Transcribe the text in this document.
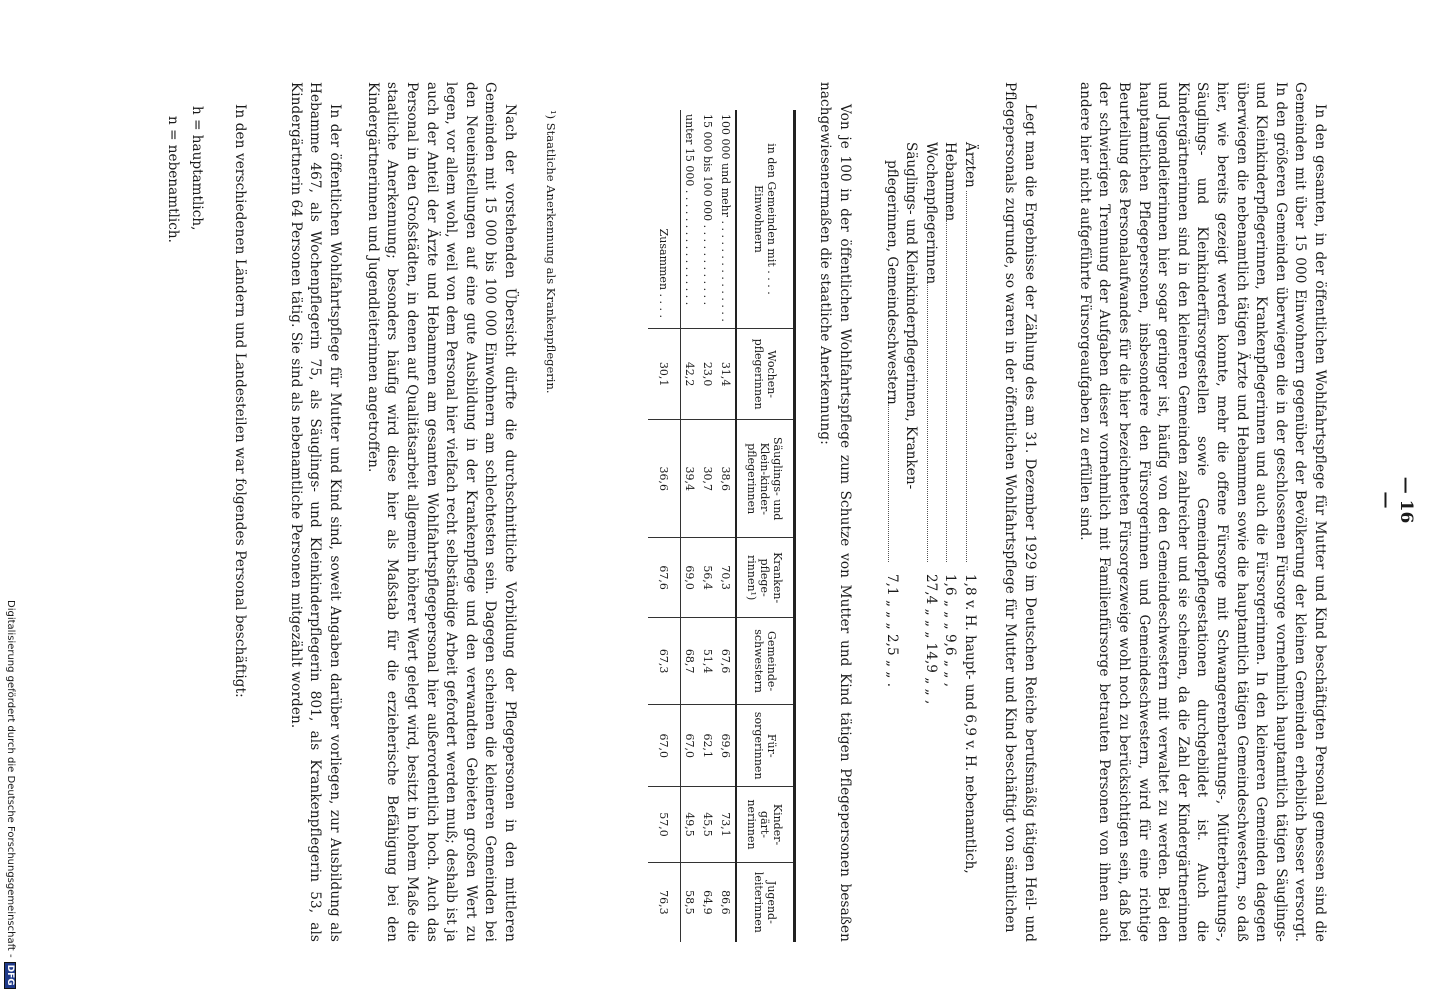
— 16 —

In den gesamten, in der öffentlichen Wohlfahrtspflege für Mutter und Kind beschäftigten Personal gemessen sind die Gemeinden mit über 15 000 Einwohnern gegenüber der Bevölkerung der kleinen Gemeinden erheblich besser versorgt. In den größeren Gemeinden überwiegen die in der geschlossenen Fürsorge vornehmlich hauptamtlich tätigen Säuglings- und Kleinkinderpflegerinnen, Krankenpflegerinnen und auch die Fürsorgerinnen. In den kleineren Gemeinden dagegen überwiegen die nebenamtlich tätigen Ärzte und Hebammen sowie die hauptamtlich tätigen Gemeindeschwestern, so daß hier, wie bereits gezeigt werden konnte, mehr die offene Fürsorge mit Schwangerenberatungs-, Mütterberatungs-, Säuglings- und Kleinkinderfürsorgestellen sowie Gemeindepflegestationen durchgebildet ist. Auch die Kindergärtnerinnen sind in den kleineren Gemeinden zahlreicher und sie scheinen, da die Zahl der Kindergärtnerinnen und Jugendleiterinnen hier sogar geringer ist, häufig von den Gemeindeschwestern mit verwaltet zu werden. Bei den hauptamtlichen Pflegepersonen, insbesondere den Fürsorgerinnen und Gemeindeschwestern, wird für eine richtige Beurteilung des Personalaufwandes für die hier bezeichneten Fürsorgezweige wohl noch zu berücksichtigen sein, daß bei der schwierigen Trennung der Aufgaben dieser vornehmlich mit Familienfürsorge betrauten Personen von ihnen auch andere hier nicht aufgeführte Fürsorgeaufgaben zu erfüllen sind.

Legt man die Ergebnisse der Zählung des am 31. Dezember 1929 im Deutschen Reiche berufsmäßig tätigen Heil- und Pflegepersonals zugrunde, so waren in der öffentlichen Wohlfahrtspflege für Mutter und Kind beschäftigt von sämtlichen

Ärzten
1,8 v. H. haupt- und 6,9 v. H. nebenamtlich,
Hebammen
1,6 „ „ „ 9,6 „ „ ,
Wochenpflegerinnen
27,4 „ „ „ 14,9 „ „ ,
Säuglings- und Kleinkinderpflegerinnen, Kranken-
pflegerinnen, Gemeindeschwestern
7,1 „ „ „ 2,5 „ „ .

Von je 100 in der öffentlichen Wohlfahrtspflege zum Schutze von Mutter und Kind tätigen Pflegepersonen besaßen nachgewiesenermaßen die staatliche Anerkennung:

in den Gemeinden mit . . . . Einwohnern	Wochen-pflegerinnen	Säuglings- und Klein-kinder-pflegerinnen	Kranken-pflege-rinnen¹)	Gemeinde-schwestern	Für-sorgerinnen	Kinder-gärt-nerinnen	Jugend-leiterinnen
100 000 und mehr . . . . . . . . . . . . . . .	31,4	38,6	70,3	67,6	69,6	73,1	86,6
15 000 bis 100 000 . . . . . . . . . . . .	23,0	30,7	56,4	51,4	62,1	45,5	64,9
unter 15 000 . . . . . . . . . . . . . . . . .	42,2	39,4	69,0	68,7	67,0	49,5	58,5
Zusammen . . . .	30,1	36,6	67,6	67,3	67,0	57,0	76,3
¹) Staatliche Anerkennung als Krankenpflegerin.

Nach der vorstehenden Übersicht dürfte die durchschnittliche Vorbildung der Pflegepersonen in den mittleren Gemeinden mit 15 000 bis 100 000 Einwohnern am schlechtesten sein. Dagegen scheinen die kleineren Gemeinden bei den Neueinstellungen auf eine gute Ausbildung in der Krankenpflege und den verwandten Gebieten großen Wert zu legen, vor allem wohl, weil von dem Personal hier vielfach recht selbständige Arbeit gefordert werden muß; deshalb ist ja auch der Anteil der Ärzte und Hebammen am gesamten Wohlfahrtspflegepersonal hier außerordentlich hoch. Auch das Personal in den Großstädten, in denen auf Qualitätsarbeit allgemein höherer Wert gelegt wird, besitzt in hohem Maße die staatliche Anerkennung; besonders häufig wird diese hier als Maßstab für die erzieherische Befähigung bei den Kindergärtnerinnen und Jugendleiterinnen angetroffen.

In der öffentlichen Wohlfahrtspflege für Mutter und Kind sind, soweit Angaben darüber vorliegen, zur Ausbildung als Hebamme 467, als Wochenpflegerin 75, als Säuglings- und Kleinkinderpflegerin 801, als Krankenpflegerin 53, als Kindergärtnerin 64 Personen tätig. Sie sind als nebenamtliche Personen mitgezählt worden.

In den verschiedenen Ländern und Landesteilen war folgendes Personal beschäftigt:

h = hauptamtlich,
n = nebenamtlich.
Digitalisierung gefördert durch die Deutsche Forschungsgemeinschaft -DFG
